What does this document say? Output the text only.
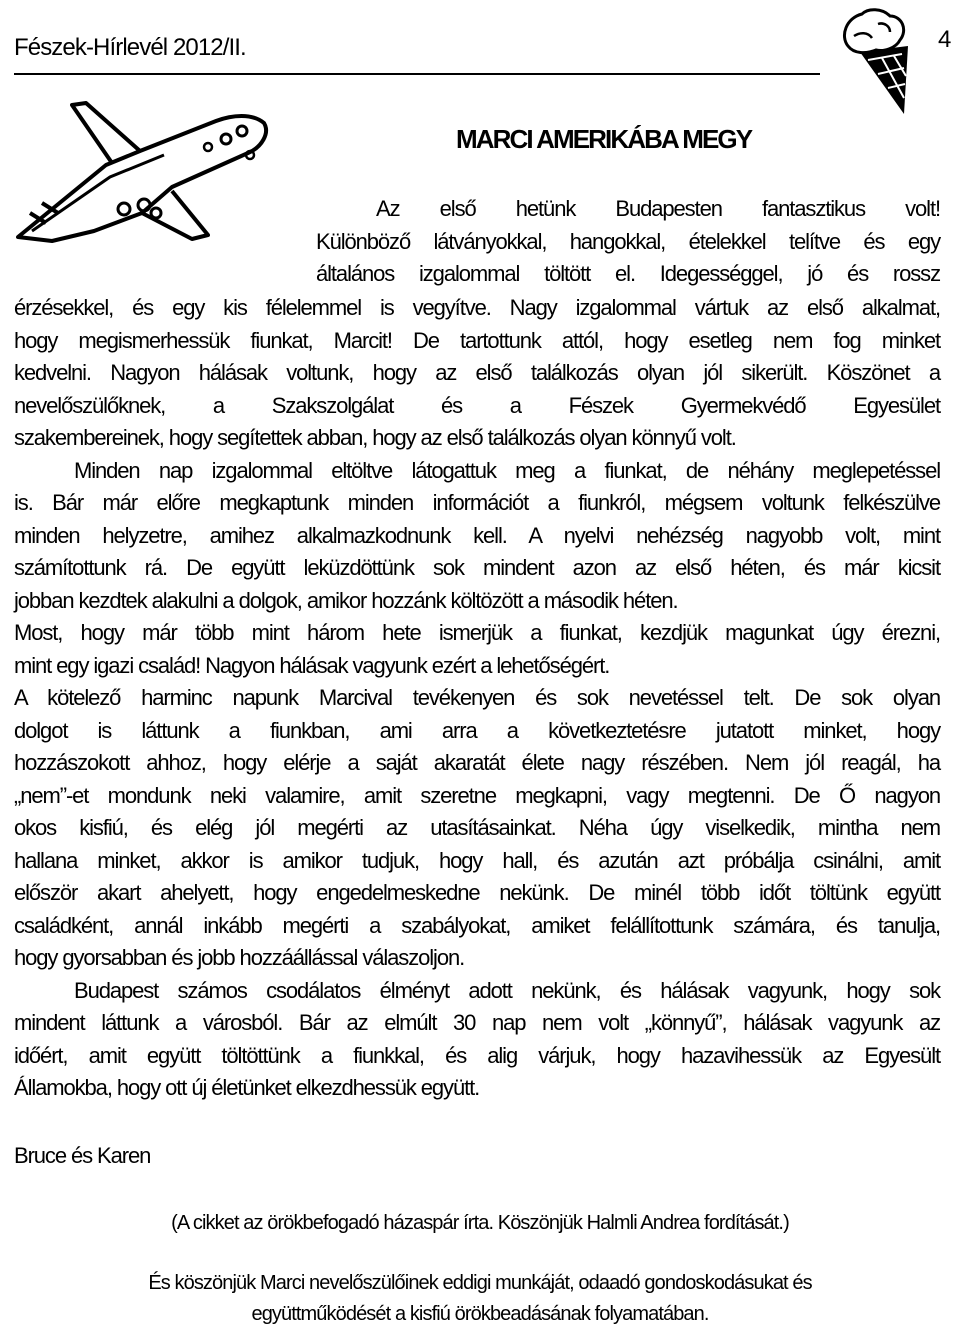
Fészek-Hírlevél 2012/II.	4
MARCI AMERIKÁBA MEGY
Az első hetünk Budapesten fantasztikus volt!
Különböző látványokkal, hangokkal, ételekkel telítve és egy
általános izgalommal töltött el. Idegességgel, jó és rossz
érzésekkel, és egy kis félelemmel is vegyítve. Nagy izgalommal vártuk az első alkalmat,
hogy megismerhessük fiunkat, Marcit! De tartottunk attól, hogy esetleg nem fog minket
kedvelni. Nagyon hálásak voltunk, hogy az első találkozás olyan jól sikerült. Köszönet a
nevelőszülőknek, a Szakszolgálat és a Fészek Gyermekvédő Egyesület
szakembereinek, hogy segítettek abban, hogy az első találkozás olyan könnyű volt.
Minden nap izgalommal eltöltve látogattuk meg a fiunkat, de néhány meglepetéssel
is. Bár már előre megkaptunk minden információt a fiunkról, mégsem voltunk felkészülve
minden helyzetre, amihez alkalmazkodnunk kell. A nyelvi nehézség nagyobb volt, mint
számítottunk rá. De együtt leküzdöttünk sok mindent azon az első héten, és már kicsit
jobban kezdtek alakulni a dolgok, amikor hozzánk költözött a második héten.
Most, hogy már több mint három hete ismerjük a fiunkat, kezdjük magunkat úgy érezni,
mint egy igazi család! Nagyon hálásak vagyunk ezért a lehetőségért.
A kötelező harminc napunk Marcival tevékenyen és sok nevetéssel telt. De sok olyan
dolgot is láttunk a fiunkban, ami arra a következtetésre jutatott minket, hogy
hozzászokott ahhoz, hogy elérje a saját akaratát élete nagy részében. Nem jól reagál, ha
„nem”-et mondunk neki valamire, amit szeretne megkapni, vagy megtenni. De Ő nagyon
okos kisfiú, és elég jól megérti az utasításainkat. Néha úgy viselkedik, mintha nem
hallana minket, akkor is amikor tudjuk, hogy hall, és azután azt próbálja csinálni, amit
először akart ahelyett, hogy engedelmeskedne nekünk. De minél több időt töltünk együtt
családként, annál inkább megérti a szabályokat, amiket felállítottunk számára, és tanulja,
hogy gyorsabban és jobb hozzáállással válaszoljon.
Budapest számos csodálatos élményt adott nekünk, és hálásak vagyunk, hogy sok
mindent láttunk a városból. Bár az elmúlt 30 nap nem volt „könnyű”, hálásak vagyunk az
időért, amit együtt töltöttünk a fiunkkal, és alig várjuk, hogy hazavihessük az Egyesült
Államokba, hogy ott új életünket elkezdhessük együtt.
Bruce és Karen
(A cikket az örökbefogadó házaspár írta. Köszönjük Halmli Andrea fordítását.)
És köszönjük Marci nevelőszülőinek eddigi munkáját, odaadó gondoskodásukat és
együttműködését a kisfiú örökbeadásának folyamatában.
